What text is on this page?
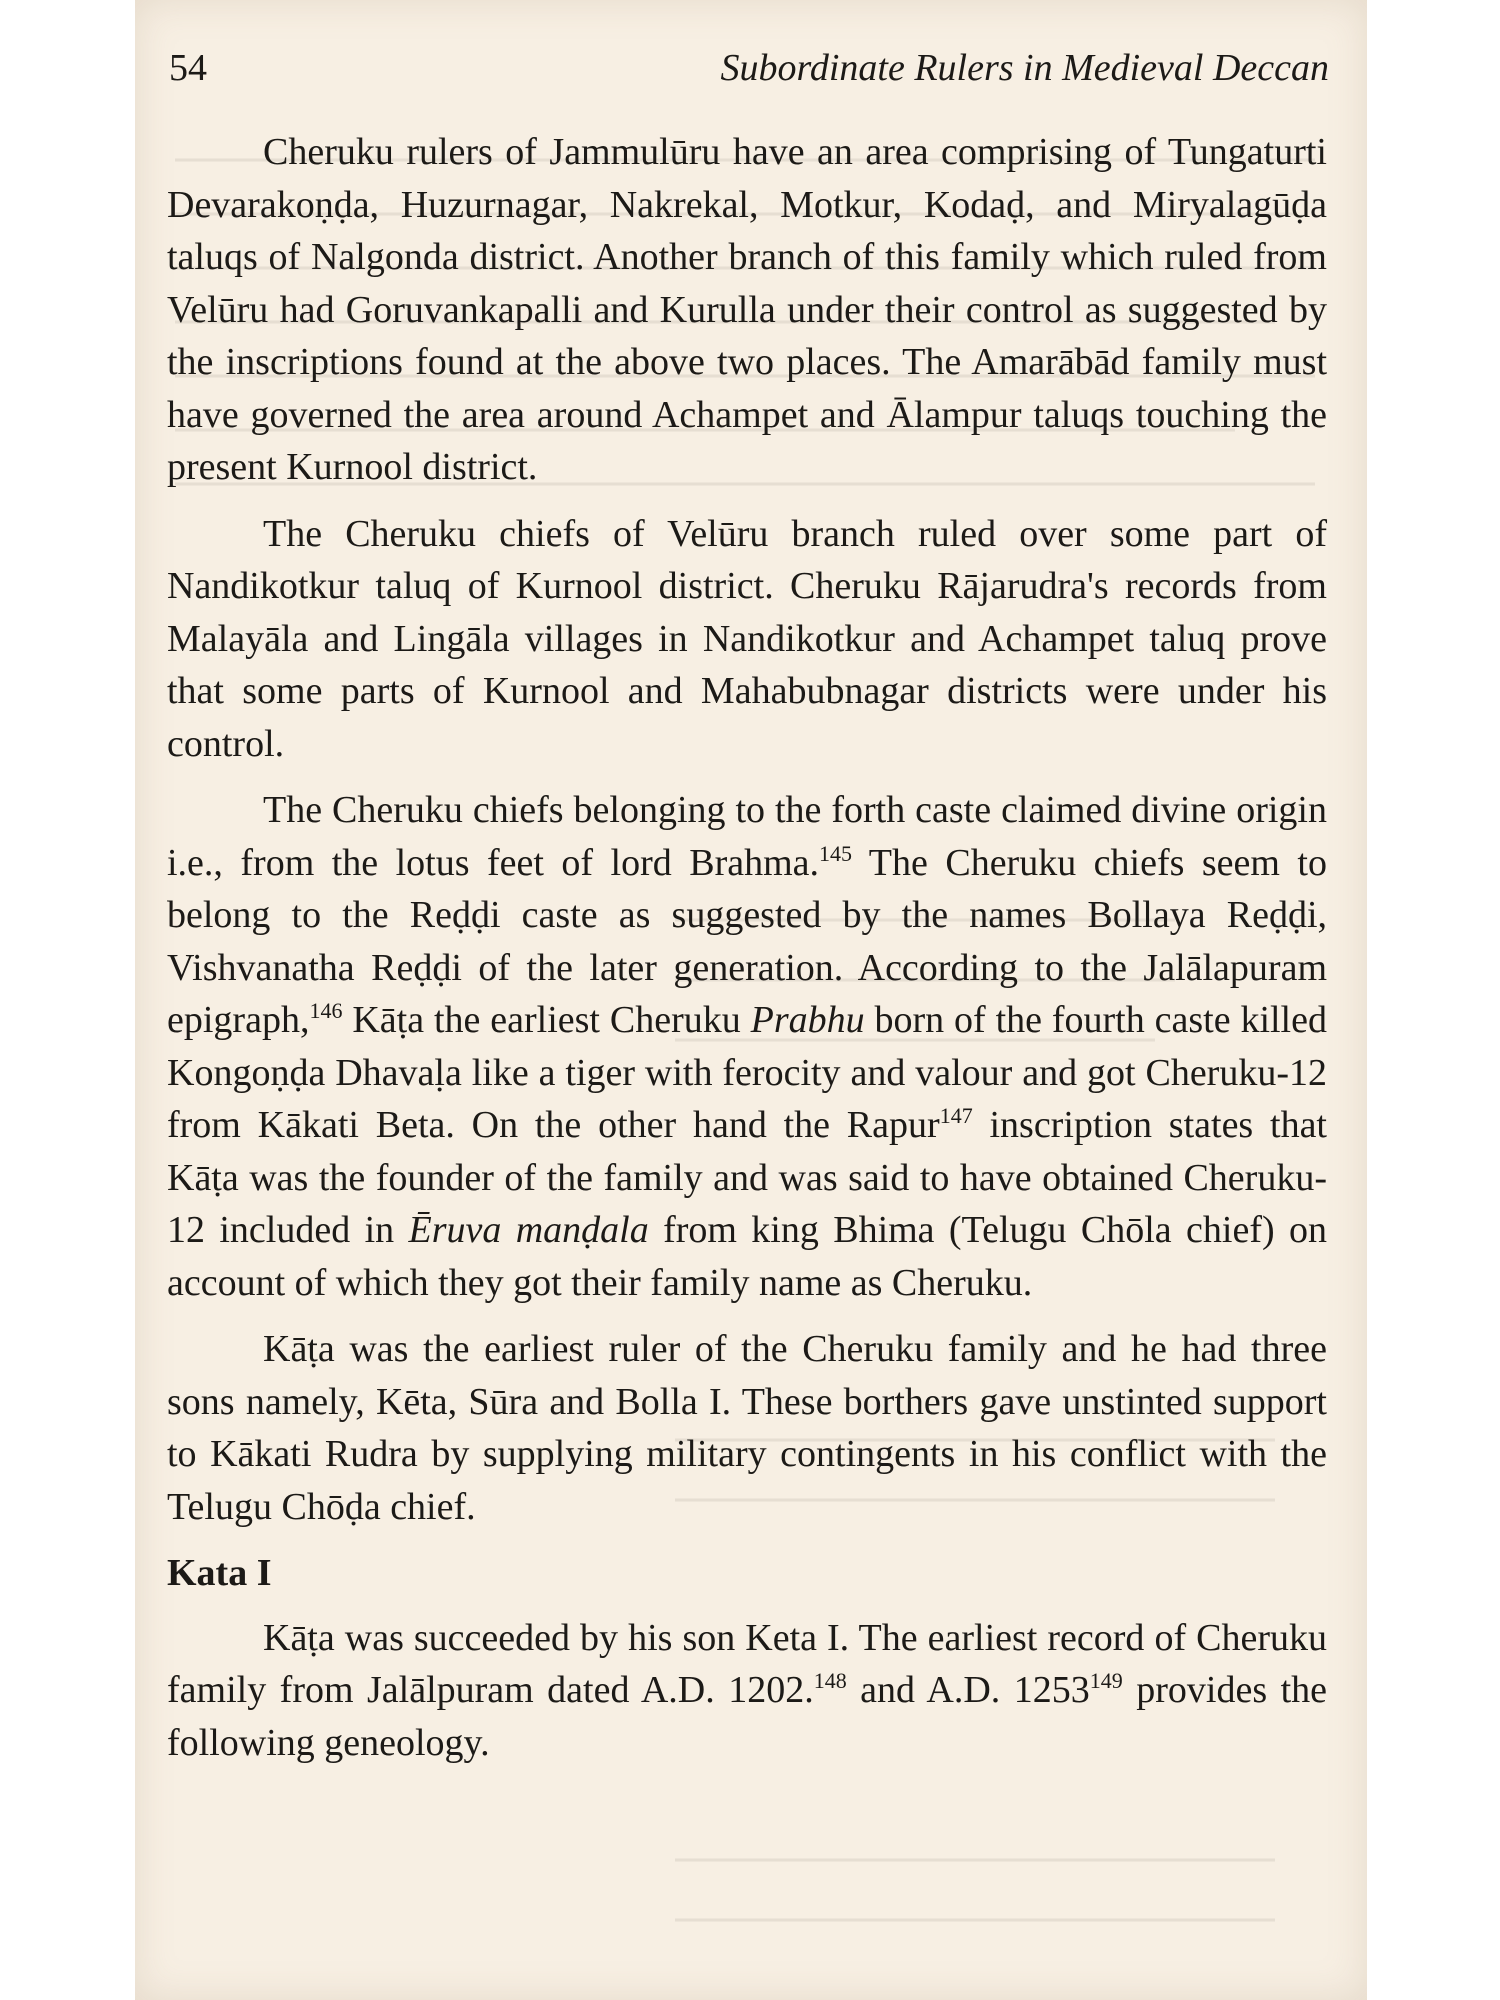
54	Subordinate Rulers in Medieval Deccan

Cheruku rulers of Jammulūru have an area comprising of Tungaturti Devarakoṇḍa, Huzurnagar, Nakrekal, Motkur, Kodaḍ, and Miryalagūḍa taluqs of Nalgonda district. Another branch of this family which ruled from Velūru had Goruvankapalli and Kurulla under their control as suggested by the inscriptions found at the above two places. The Amarābād family must have governed the area around Achampet and Ālampur taluqs touching the present Kurnool district.

The Cheruku chiefs of Velūru branch ruled over some part of Nandikotkur taluq of Kurnool district. Cheruku Rājarudra's records from Malayāla and Lingāla villages in Nandikotkur and Achampet taluq prove that some parts of Kurnool and Mahabubnagar districts were under his control.

The Cheruku chiefs belonging to the forth caste claimed divine origin i.e., from the lotus feet of lord Brahma.$^{145}$ The Cheruku chiefs seem to belong to the Reḍḍi caste as suggested by the names Bollaya Reḍḍi, Vishvanatha Reḍḍi of the later generation. According to the Jalālapuram epigraph,$^{146}$ Kāṭa the earliest Cheruku Prabhu born of the fourth caste killed Kongoṇḍa Dhavaḷa like a tiger with ferocity and valour and got Cheruku-12 from Kākati Beta. On the other hand the Rapur$^{147}$ inscription states that Kāṭa was the founder of the family and was said to have obtained Cheruku-12 included in Ēruva manḍala from king Bhima (Telugu Chōla chief) on account of which they got their family name as Cheruku.

Kāṭa was the earliest ruler of the Cheruku family and he had three sons namely, Kēta, Sūra and Bolla I. These borthers gave unstinted support to Kākati Rudra by supplying military contingents in his conflict with the Telugu Chōḍa chief.

Kata I

Kāṭa was succeeded by his son Keta I. The earliest record of Cheruku family from Jalālpuram dated A.D. 1202.$^{148}$ and A.D. 1253$^{149}$ provides the following geneology.
